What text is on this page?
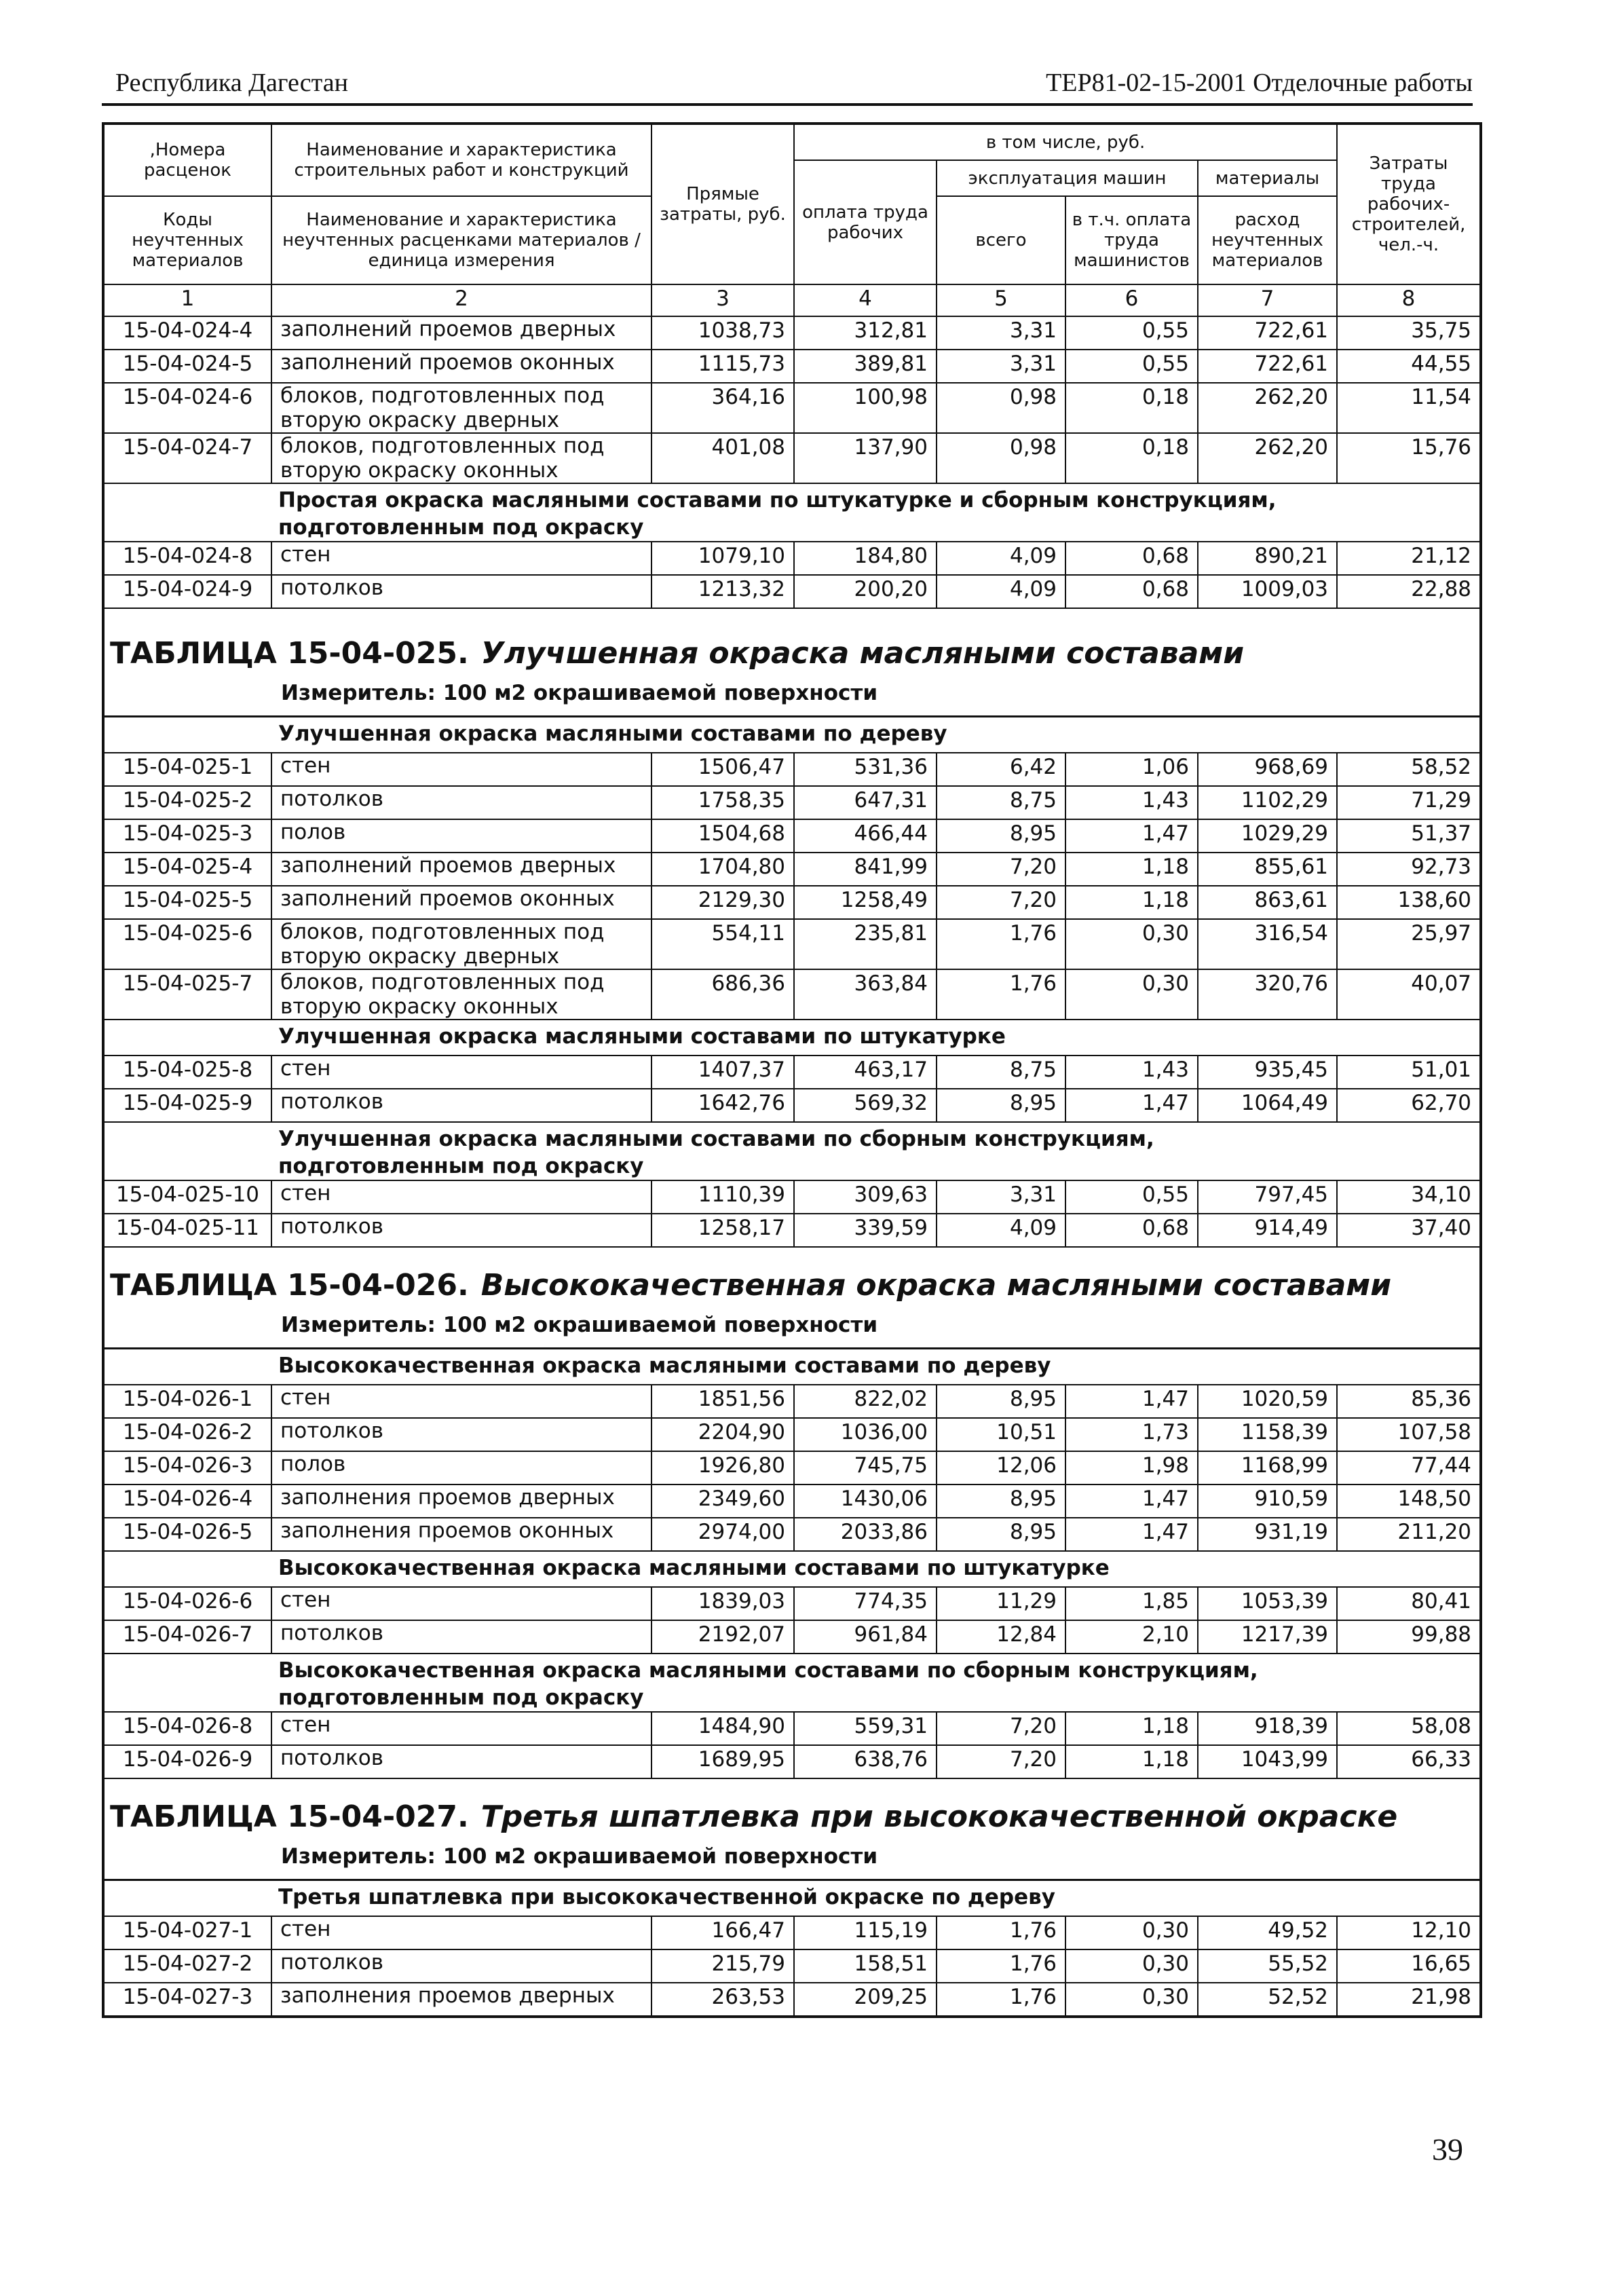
Республика Дагестан	ТЕР81-02-15-2001 Отделочные работы
,Номера расценок	Наименование и характеристика строительных работ и конструкций	Прямые затраты, руб.	в том числе, руб.				Затраты труда рабочих-строителей, чел.-ч.
			оплата труда рабочих	эксплуатация машин		материалы	
Коды неучтенных материалов	Наименование и характеристика неучтенных расценками материалов / единица измерения			всего	в т.ч. оплата труда машинистов	расход неучтенных материалов	

1	2	3	4	5	6	7	8
15-04-024-4	заполнений проемов дверных	1038,73	312,81	3,31	0,55	722,61	35,75
15-04-024-5	заполнений проемов оконных	1115,73	389,81	3,31	0,55	722,61	44,55
15-04-024-6	блоков, подготовленных под вторую окраску дверных	364,16	100,98	0,98	0,18	262,20	11,54
15-04-024-7	блоков, подготовленных под вторую окраску оконных	401,08	137,90	0,98	0,18	262,20	15,76
	Простая окраска масляными составами по штукатурке и сборным конструкциям, подготовленным под окраску						
15-04-024-8	стен	1079,10	184,80	4,09	0,68	890,21	21,12
15-04-024-9	потолков	1213,32	200,20	4,09	0,68	1009,03	22,88

ТАБЛИЦА 15-04-025. Улучшенная окраска масляными составами							
Измеритель: 100 м2 окрашиваемой поверхности							
	Улучшенная окраска масляными составами по дереву						
15-04-025-1	стен	1506,47	531,36	6,42	1,06	968,69	58,52
15-04-025-2	потолков	1758,35	647,31	8,75	1,43	1102,29	71,29
15-04-025-3	полов	1504,68	466,44	8,95	1,47	1029,29	51,37
15-04-025-4	заполнений проемов дверных	1704,80	841,99	7,20	1,18	855,61	92,73
15-04-025-5	заполнений проемов оконных	2129,30	1258,49	7,20	1,18	863,61	138,60
15-04-025-6	блоков, подготовленных под вторую окраску дверных	554,11	235,81	1,76	0,30	316,54	25,97
15-04-025-7	блоков, подготовленных под вторую окраску оконных	686,36	363,84	1,76	0,30	320,76	40,07
	Улучшенная окраска масляными составами по штукатурке						
15-04-025-8	стен	1407,37	463,17	8,75	1,43	935,45	51,01
15-04-025-9	потолков	1642,76	569,32	8,95	1,47	1064,49	62,70
	Улучшенная окраска масляными составами по сборным конструкциям, подготовленным под окраску						
15-04-025-10	стен	1110,39	309,63	3,31	0,55	797,45	34,10
15-04-025-11	потолков	1258,17	339,59	4,09	0,68	914,49	37,40

ТАБЛИЦА 15-04-026. Высококачественная окраска масляными составами							
Измеритель: 100 м2 окрашиваемой поверхности							
	Высококачественная окраска масляными составами по дереву						
15-04-026-1	стен	1851,56	822,02	8,95	1,47	1020,59	85,36
15-04-026-2	потолков	2204,90	1036,00	10,51	1,73	1158,39	107,58
15-04-026-3	полов	1926,80	745,75	12,06	1,98	1168,99	77,44
15-04-026-4	заполнения проемов дверных	2349,60	1430,06	8,95	1,47	910,59	148,50
15-04-026-5	заполнения проемов оконных	2974,00	2033,86	8,95	1,47	931,19	211,20
	Высококачественная окраска масляными составами по штукатурке						
15-04-026-6	стен	1839,03	774,35	11,29	1,85	1053,39	80,41
15-04-026-7	потолков	2192,07	961,84	12,84	2,10	1217,39	99,88
	Высококачественная окраска масляными составами по сборным конструкциям, подготовленным под окраску						
15-04-026-8	стен	1484,90	559,31	7,20	1,18	918,39	58,08
15-04-026-9	потолков	1689,95	638,76	7,20	1,18	1043,99	66,33

ТАБЛИЦА 15-04-027. Третья шпатлевка при высококачественной окраске							
Измеритель: 100 м2 окрашиваемой поверхности							
	Третья шпатлевка при высококачественной окраске по дереву						
15-04-027-1	стен	166,47	115,19	1,76	0,30	49,52	12,10
15-04-027-2	потолков	215,79	158,51	1,76	0,30	55,52	16,65
15-04-027-3	заполнения проемов дверных	263,53	209,25	1,76	0,30	52,52	21,98
39
